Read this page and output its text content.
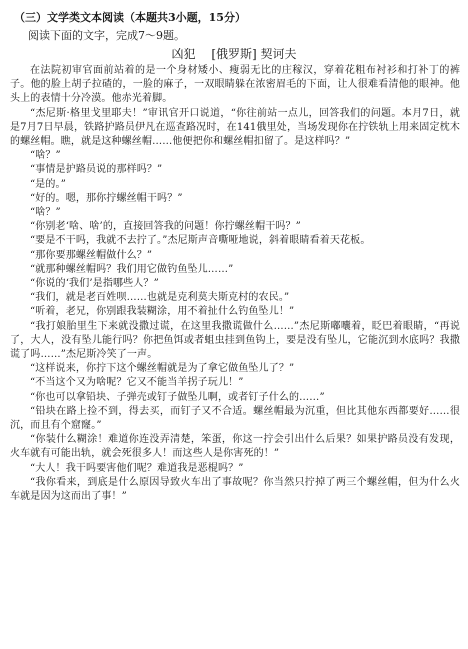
（三）文学类文本阅读（本题共3小题，15分）
阅读下面的文字，完成7～9题。
凶犯 [俄罗斯] 契诃夫

在法院初审官面前站着的是一个身材矮小、瘦弱无比的庄稼汉，穿着花粗布衬衫和打补丁的裤子。他的脸上胡子拉碴的，一脸的麻子，一双眼睛躲在浓密眉毛的下面，让人很难看清他的眼神。他头上的表情十分冷漠。他赤光着脚。

“杰尼斯·格里戈里耶夫！”审讯官开口说道，“你往前站一点儿，回答我们的问题。本月7日，就是7月7日早晨，铁路护路员伊凡在巡查路况时，在141俄里处，当场发现你在拧铁轨上用来固定枕木的螺丝帽。瞧，就是这种螺丝帽……他便把你和螺丝帽扣留了。是这样吗？”

“啥？”

“事情是护路员说的那样吗？”

“是的。”

“好的。嗯，那你拧螺丝帽干吗？”

“啥？”

“你别老‘啥、啥’的，直接回答我的问题！你拧螺丝帽干吗？”

“要是不干吗，我就不去拧了。”杰尼斯声音嘶哑地说，斜着眼睛看着天花板。

“那你要那螺丝帽做什么？”

“就那种螺丝帽吗？我们用它做钓鱼坠儿……”

“你说的‘我们’是指哪些人？”

“我们，就是老百姓呗……也就是克利莫夫斯克村的农民。”

“听着，老兄，你别跟我装糊涂，用不着扯什么钓鱼坠儿！”

“我打娘胎里生下来就没撒过谎，在这里我撒谎做什么……”杰尼斯嘟囔着，眨巴着眼睛，“再说了，大人，没有坠儿能行吗？你把鱼饵或者蛆虫挂到鱼钩上，要是没有坠儿，它能沉到水底吗？我撒谎了吗……”杰尼斯冷笑了一声。

“这样说来，你拧下这个螺丝帽就是为了拿它做鱼坠儿了？”

“不当这个又为啥呢？它又不能当羊拐子玩儿！”

“你也可以拿铅块、子弹壳或钉子做坠儿啊，或者钉子什么的……”

“铅块在路上捡不到，得去买，而钉子又不合适。螺丝帽最为沉重，但比其他东西都要好……很沉，而且有个窟窿。”

“你装什么糊涂！难道你连没弄清楚，笨蛋，你这一拧会引出什么后果？如果护路员没有发现，火车就有可能出轨，就会死很多人！而这些人是你害死的！”

“大人！我干吗要害他们呢？难道我是恶棍吗？”

“我你看来，到底是什么原因导致火车出了事故呢？你当然只拧掉了两三个螺丝帽，但为什么火车就是因为这而出了事！”
